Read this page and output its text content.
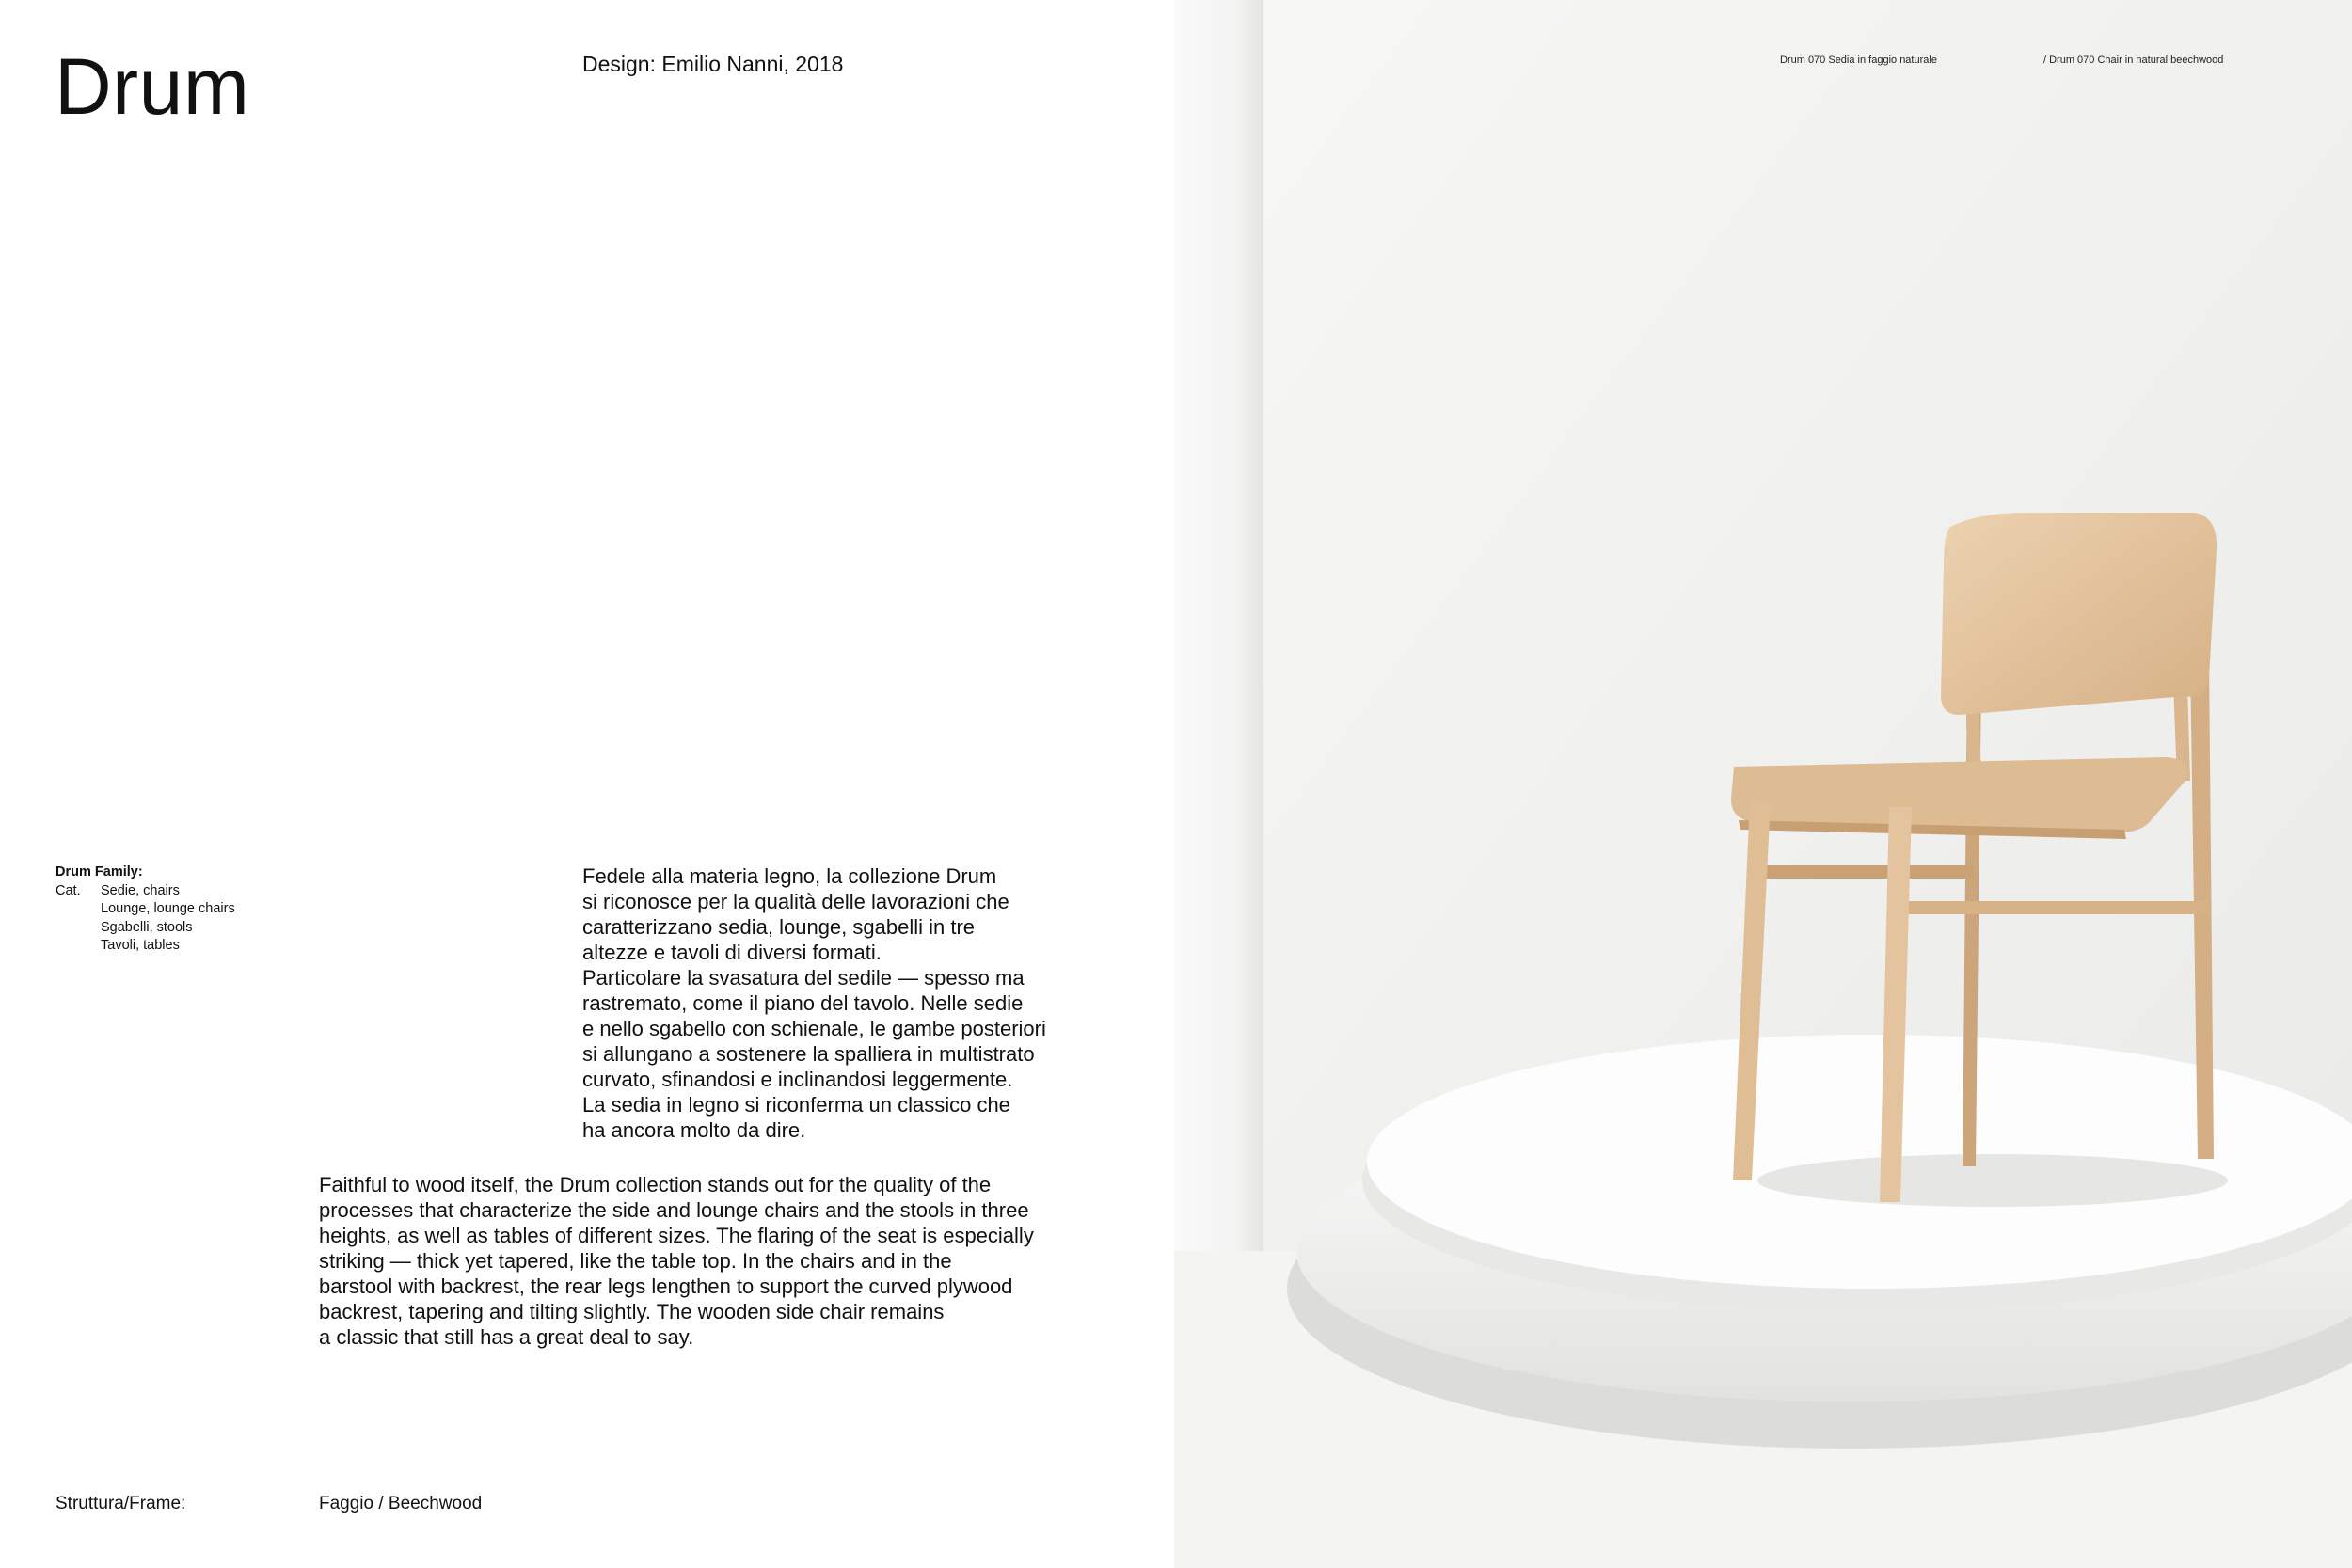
Drum	Design: Emilio Nanni, 2018
Drum Family:
Cat.	Sedie, chairs
Lounge, lounge chairs
Sgabelli, stools
Tavoli, tables
Fedele alla materia legno, la collezione Drum
si riconosce per la qualità delle lavorazioni che
caratterizzano sedia, lounge, sgabelli in tre
altezze e tavoli di diversi formati.
Particolare la svasatura del sedile — spesso ma
rastremato, come il piano del tavolo. Nelle sedie
e nello sgabello con schienale, le gambe posteriori
si allungano a sostenere la spalliera in multistrato
curvato, sfinandosi e inclinandosi leggermente.
La sedia in legno si riconferma un classico che
ha ancora molto da dire.
Faithful to wood itself, the Drum collection stands out for the quality of the
processes that characterize the side and lounge chairs and the stools in three
heights, as well as tables of different sizes. The flaring of the seat is especially
striking — thick yet tapered, like the table top. In the chairs and in the
barstool with backrest, the rear legs lengthen to support the curved plywood
backrest, tapering and tilting slightly. The wooden side chair remains
a classic that still has a great deal to say.
Struttura/Frame:	Faggio / Beechwood
Drum 070 Sedia in faggio naturale	/ Drum 070 Chair in natural beechwood
